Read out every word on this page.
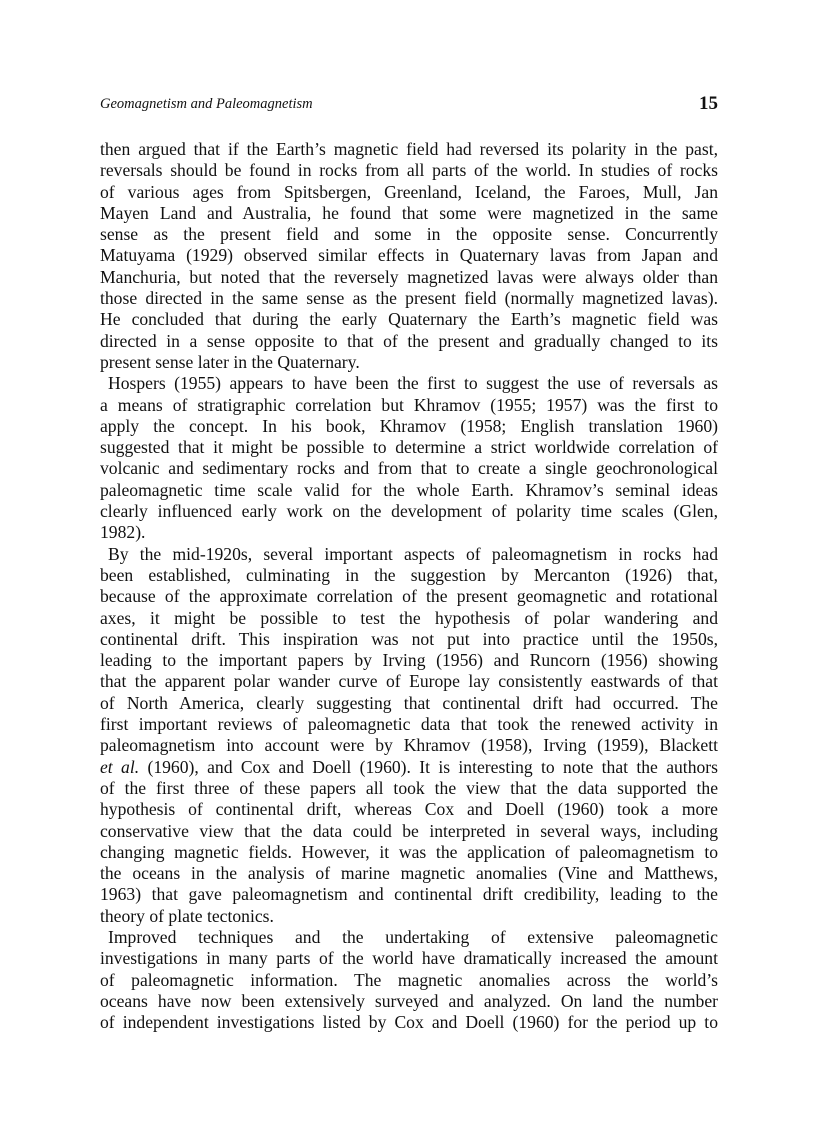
Geomagnetism and Paleomagnetism	15
then argued that if the Earth’s magnetic field had reversed its polarity in the past,
reversals should be found in rocks from all parts of the world. In studies of rocks
of various ages from Spitsbergen, Greenland, Iceland, the Faroes, Mull, Jan
Mayen Land and Australia, he found that some were magnetized in the same
sense as the present field and some in the opposite sense. Concurrently
Matuyama (1929) observed similar effects in Quaternary lavas from Japan and
Manchuria, but noted that the reversely magnetized lavas were always older than
those directed in the same sense as the present field (normally magnetized lavas).
He concluded that during the early Quaternary the Earth’s magnetic field was
directed in a sense opposite to that of the present and gradually changed to its
present sense later in the Quaternary.
Hospers (1955) appears to have been the first to suggest the use of reversals as
a means of stratigraphic correlation but Khramov (1955; 1957) was the first to
apply the concept. In his book, Khramov (1958; English translation 1960)
suggested that it might be possible to determine a strict worldwide correlation of
volcanic and sedimentary rocks and from that to create a single geochronological
paleomagnetic time scale valid for the whole Earth. Khramov’s seminal ideas
clearly influenced early work on the development of polarity time scales (Glen,
1982).
By the mid-1920s, several important aspects of paleomagnetism in rocks had
been established, culminating in the suggestion by Mercanton (1926) that,
because of the approximate correlation of the present geomagnetic and rotational
axes, it might be possible to test the hypothesis of polar wandering and
continental drift. This inspiration was not put into practice until the 1950s,
leading to the important papers by Irving (1956) and Runcorn (1956) showing
that the apparent polar wander curve of Europe lay consistently eastwards of that
of North America, clearly suggesting that continental drift had occurred. The
first important reviews of paleomagnetic data that took the renewed activity in
paleomagnetism into account were by Khramov (1958), Irving (1959), Blackett
et al. (1960), and Cox and Doell (1960). It is interesting to note that the authors
of the first three of these papers all took the view that the data supported the
hypothesis of continental drift, whereas Cox and Doell (1960) took a more
conservative view that the data could be interpreted in several ways, including
changing magnetic fields. However, it was the application of paleomagnetism to
the oceans in the analysis of marine magnetic anomalies (Vine and Matthews,
1963) that gave paleomagnetism and continental drift credibility, leading to the
theory of plate tectonics.
Improved techniques and the undertaking of extensive paleomagnetic
investigations in many parts of the world have dramatically increased the amount
of paleomagnetic information. The magnetic anomalies across the world’s
oceans have now been extensively surveyed and analyzed. On land the number
of independent investigations listed by Cox and Doell (1960) for the period up to
